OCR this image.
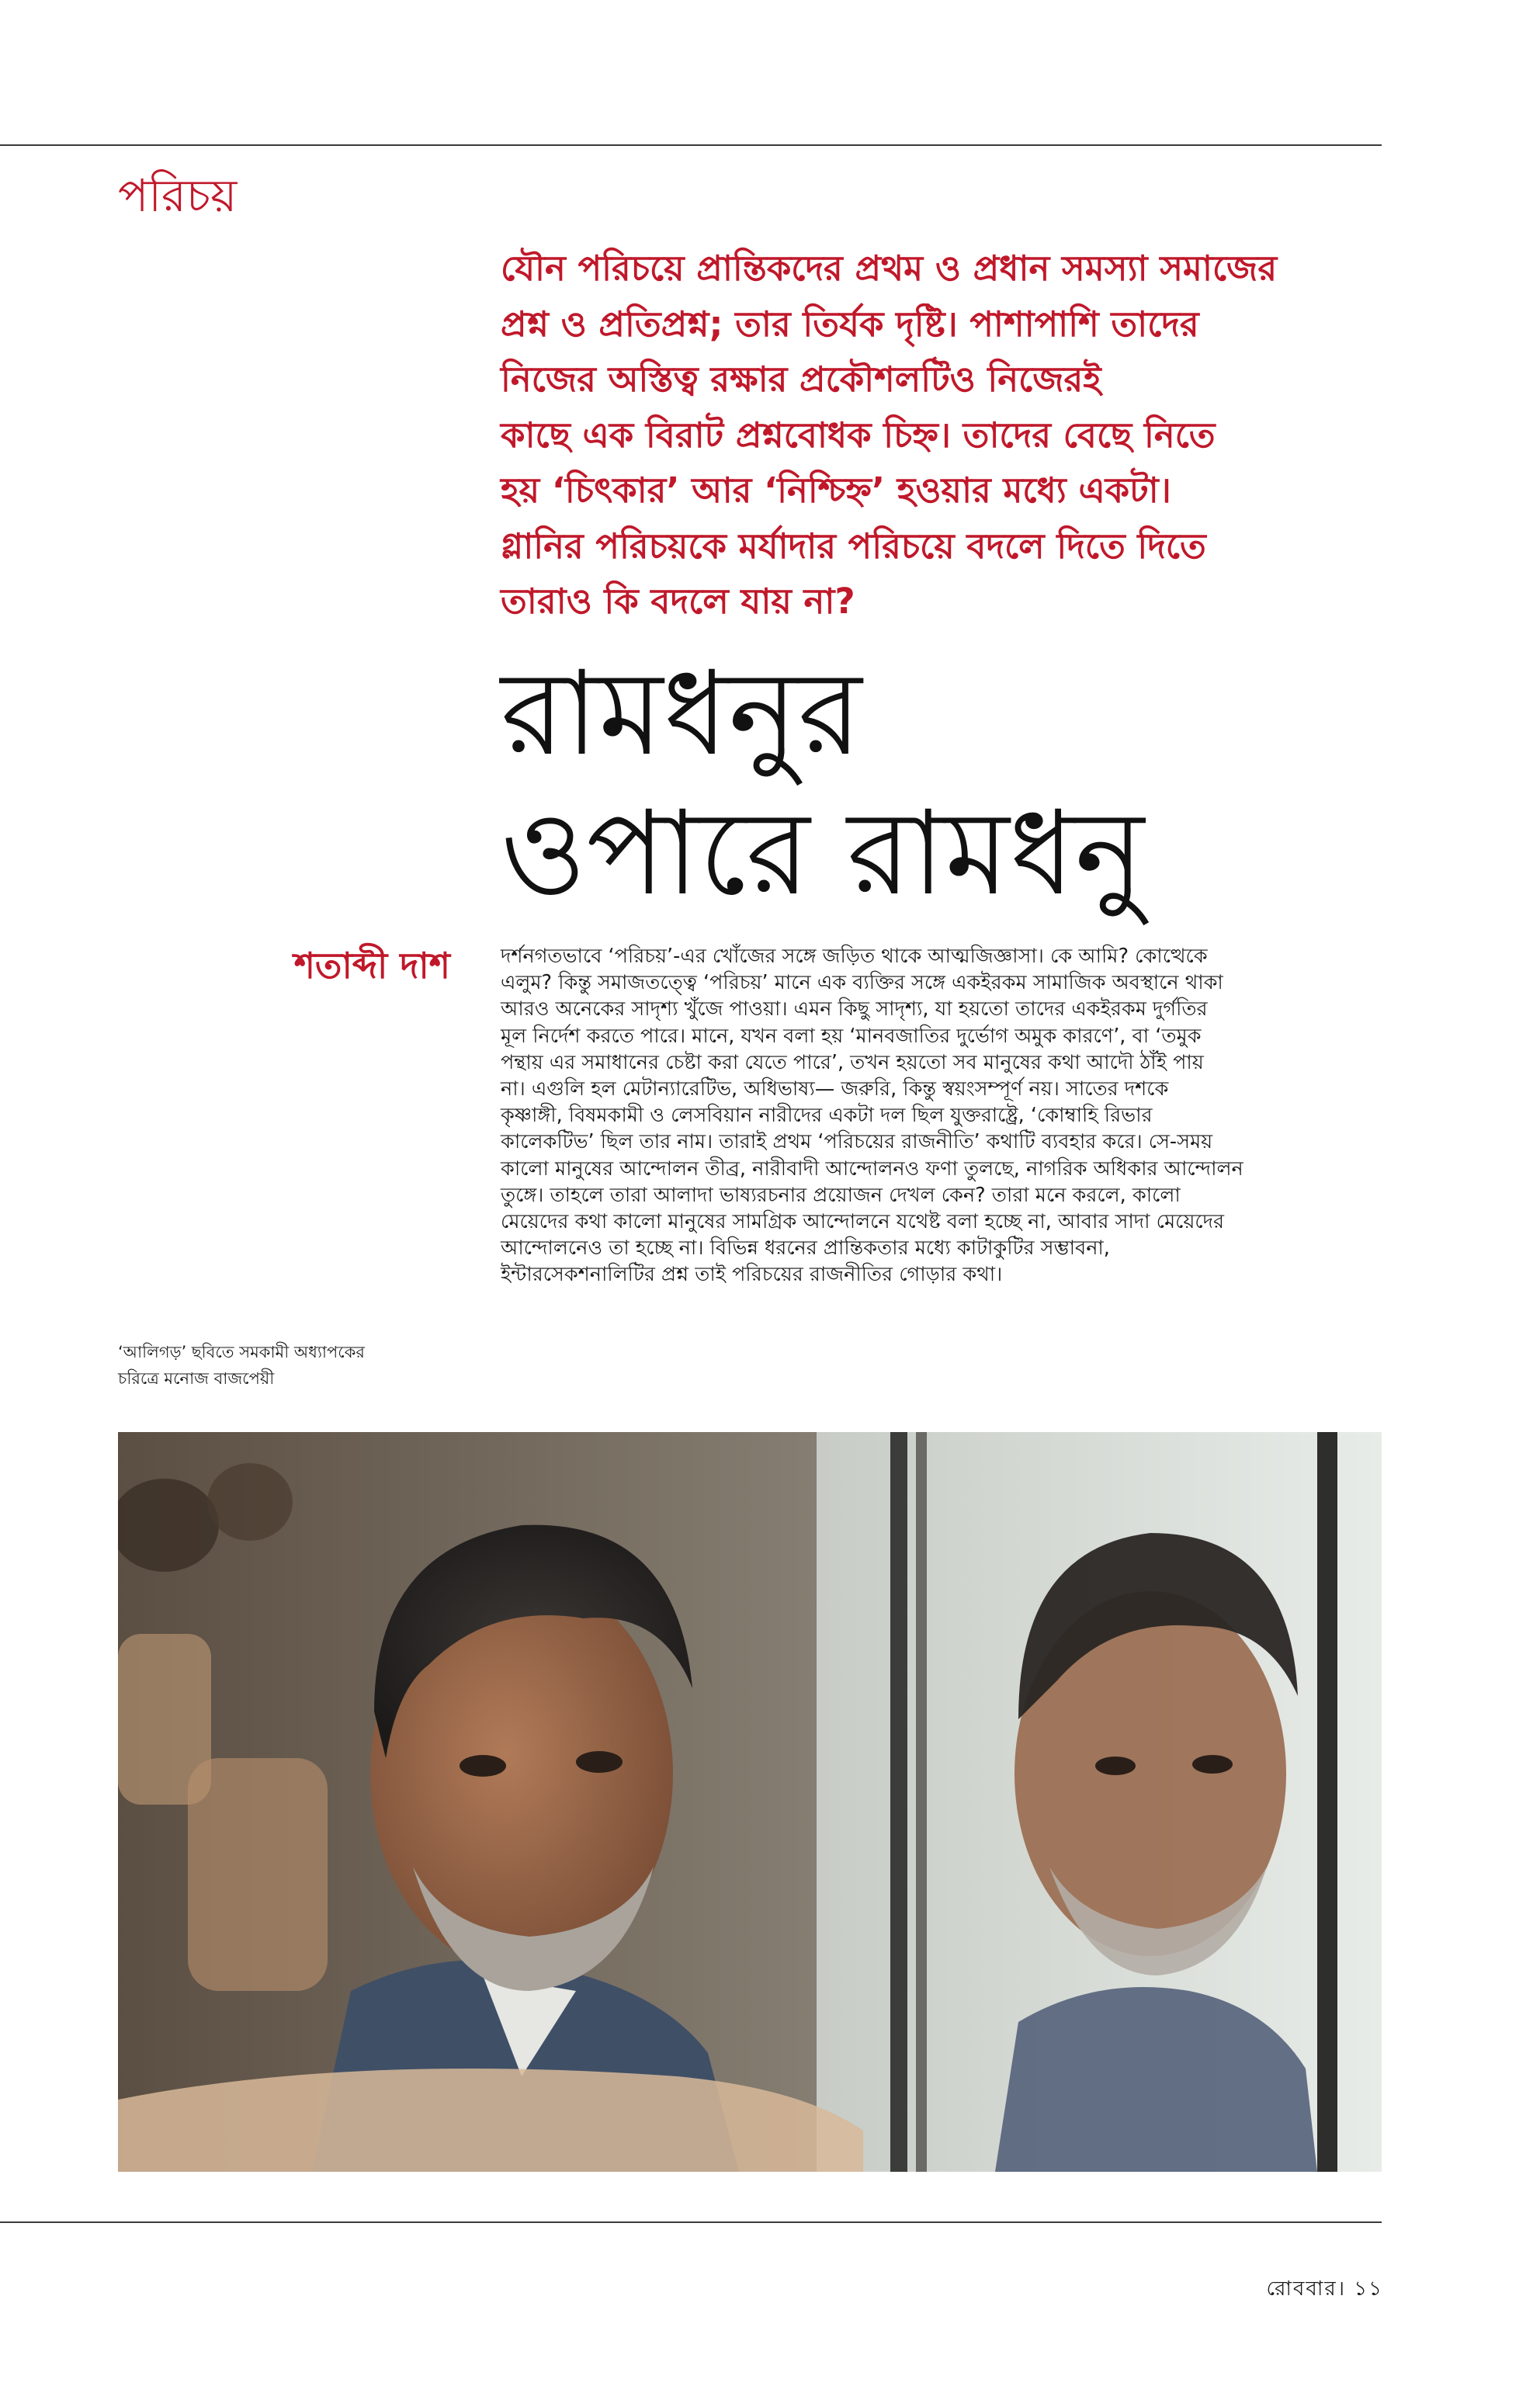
পরিচয়
যৌন পরিচয়ে প্রান্তিকদের প্রথম ও প্রধান সমস্যা সমাজের
প্রশ্ন ও প্রতিপ্রশ্ন; তার তির্যক দৃষ্টি। পাশাপাশি তাদের
নিজের অস্তিত্ব রক্ষার প্রকৌশলটিও নিজেরই
কাছে এক বিরাট প্রশ্নবোধক চিহ্ন। তাদের বেছে নিতে
হয় ‘চিৎকার’ আর ‘নিশ্চিহ্ন’ হওয়ার মধ্যে একটা।
গ্লানির পরিচয়কে মর্যাদার পরিচয়ে বদলে দিতে দিতে
তারাও কি বদলে যায় না?
রামধনুর
ওপারে রামধনু
শতাব্দী দাশ	দর্শনগতভাবে ‘পরিচয়’-এর খোঁজের সঙ্গে জড়িত থাকে আত্মজিজ্ঞাসা। কে আমি? কোত্থেকে
এলুম? কিন্তু সমাজতত্ত্বে ‘পরিচয়’ মানে এক ব্যক্তির সঙ্গে একইরকম সামাজিক অবস্থানে থাকা
আরও অনেকের সাদৃশ্য খুঁজে পাওয়া। এমন কিছু সাদৃশ্য, যা হয়তো তাদের একইরকম দুর্গতির
মূল নির্দেশ করতে পারে। মানে, যখন বলা হয় ‘মানবজাতির দুর্ভোগ অমুক কারণে’, বা ‘তমুক
পন্থায় এর সমাধানের চেষ্টা করা যেতে পারে’, তখন হয়তো সব মানুষের কথা আদৌ ঠাঁই পায়
না। এগুলি হল মেটান্যারেটিভ, অধিভাষ্য— জরুরি, কিন্তু স্বয়ংসম্পূর্ণ নয়। সাতের দশকে
কৃষ্ণাঙ্গী, বিষমকামী ও লেসবিয়ান নারীদের একটা দল ছিল যুক্তরাষ্ট্রে, ‘কোম্বাহি রিভার
কালেকটিভ’ ছিল তার নাম। তারাই প্রথম ‘পরিচয়ের রাজনীতি’ কথাটি ব্যবহার করে। সে-সময়
কালো মানুষের আন্দোলন তীব্র, নারীবাদী আন্দোলনও ফণা তুলছে, নাগরিক অধিকার আন্দোলন
তুঙ্গে। তাহলে তারা আলাদা ভাষ্যরচনার প্রয়োজন দেখল কেন? তারা মনে করলে, কালো
মেয়েদের কথা কালো মানুষের সামগ্রিক আন্দোলনে যথেষ্ট বলা হচ্ছে না, আবার সাদা মেয়েদের
আন্দোলনেও তা হচ্ছে না। বিভিন্ন ধরনের প্রান্তিকতার মধ্যে কাটাকুটির সম্ভাবনা,
ইন্টারসেকশনালিটির প্রশ্ন তাই পরিচয়ের রাজনীতির গোড়ার কথা।
‘আলিগড়’ ছবিতে সমকামী অধ্যাপকের
চরিত্রে মনোজ বাজপেয়ী
রোববার। ১১
